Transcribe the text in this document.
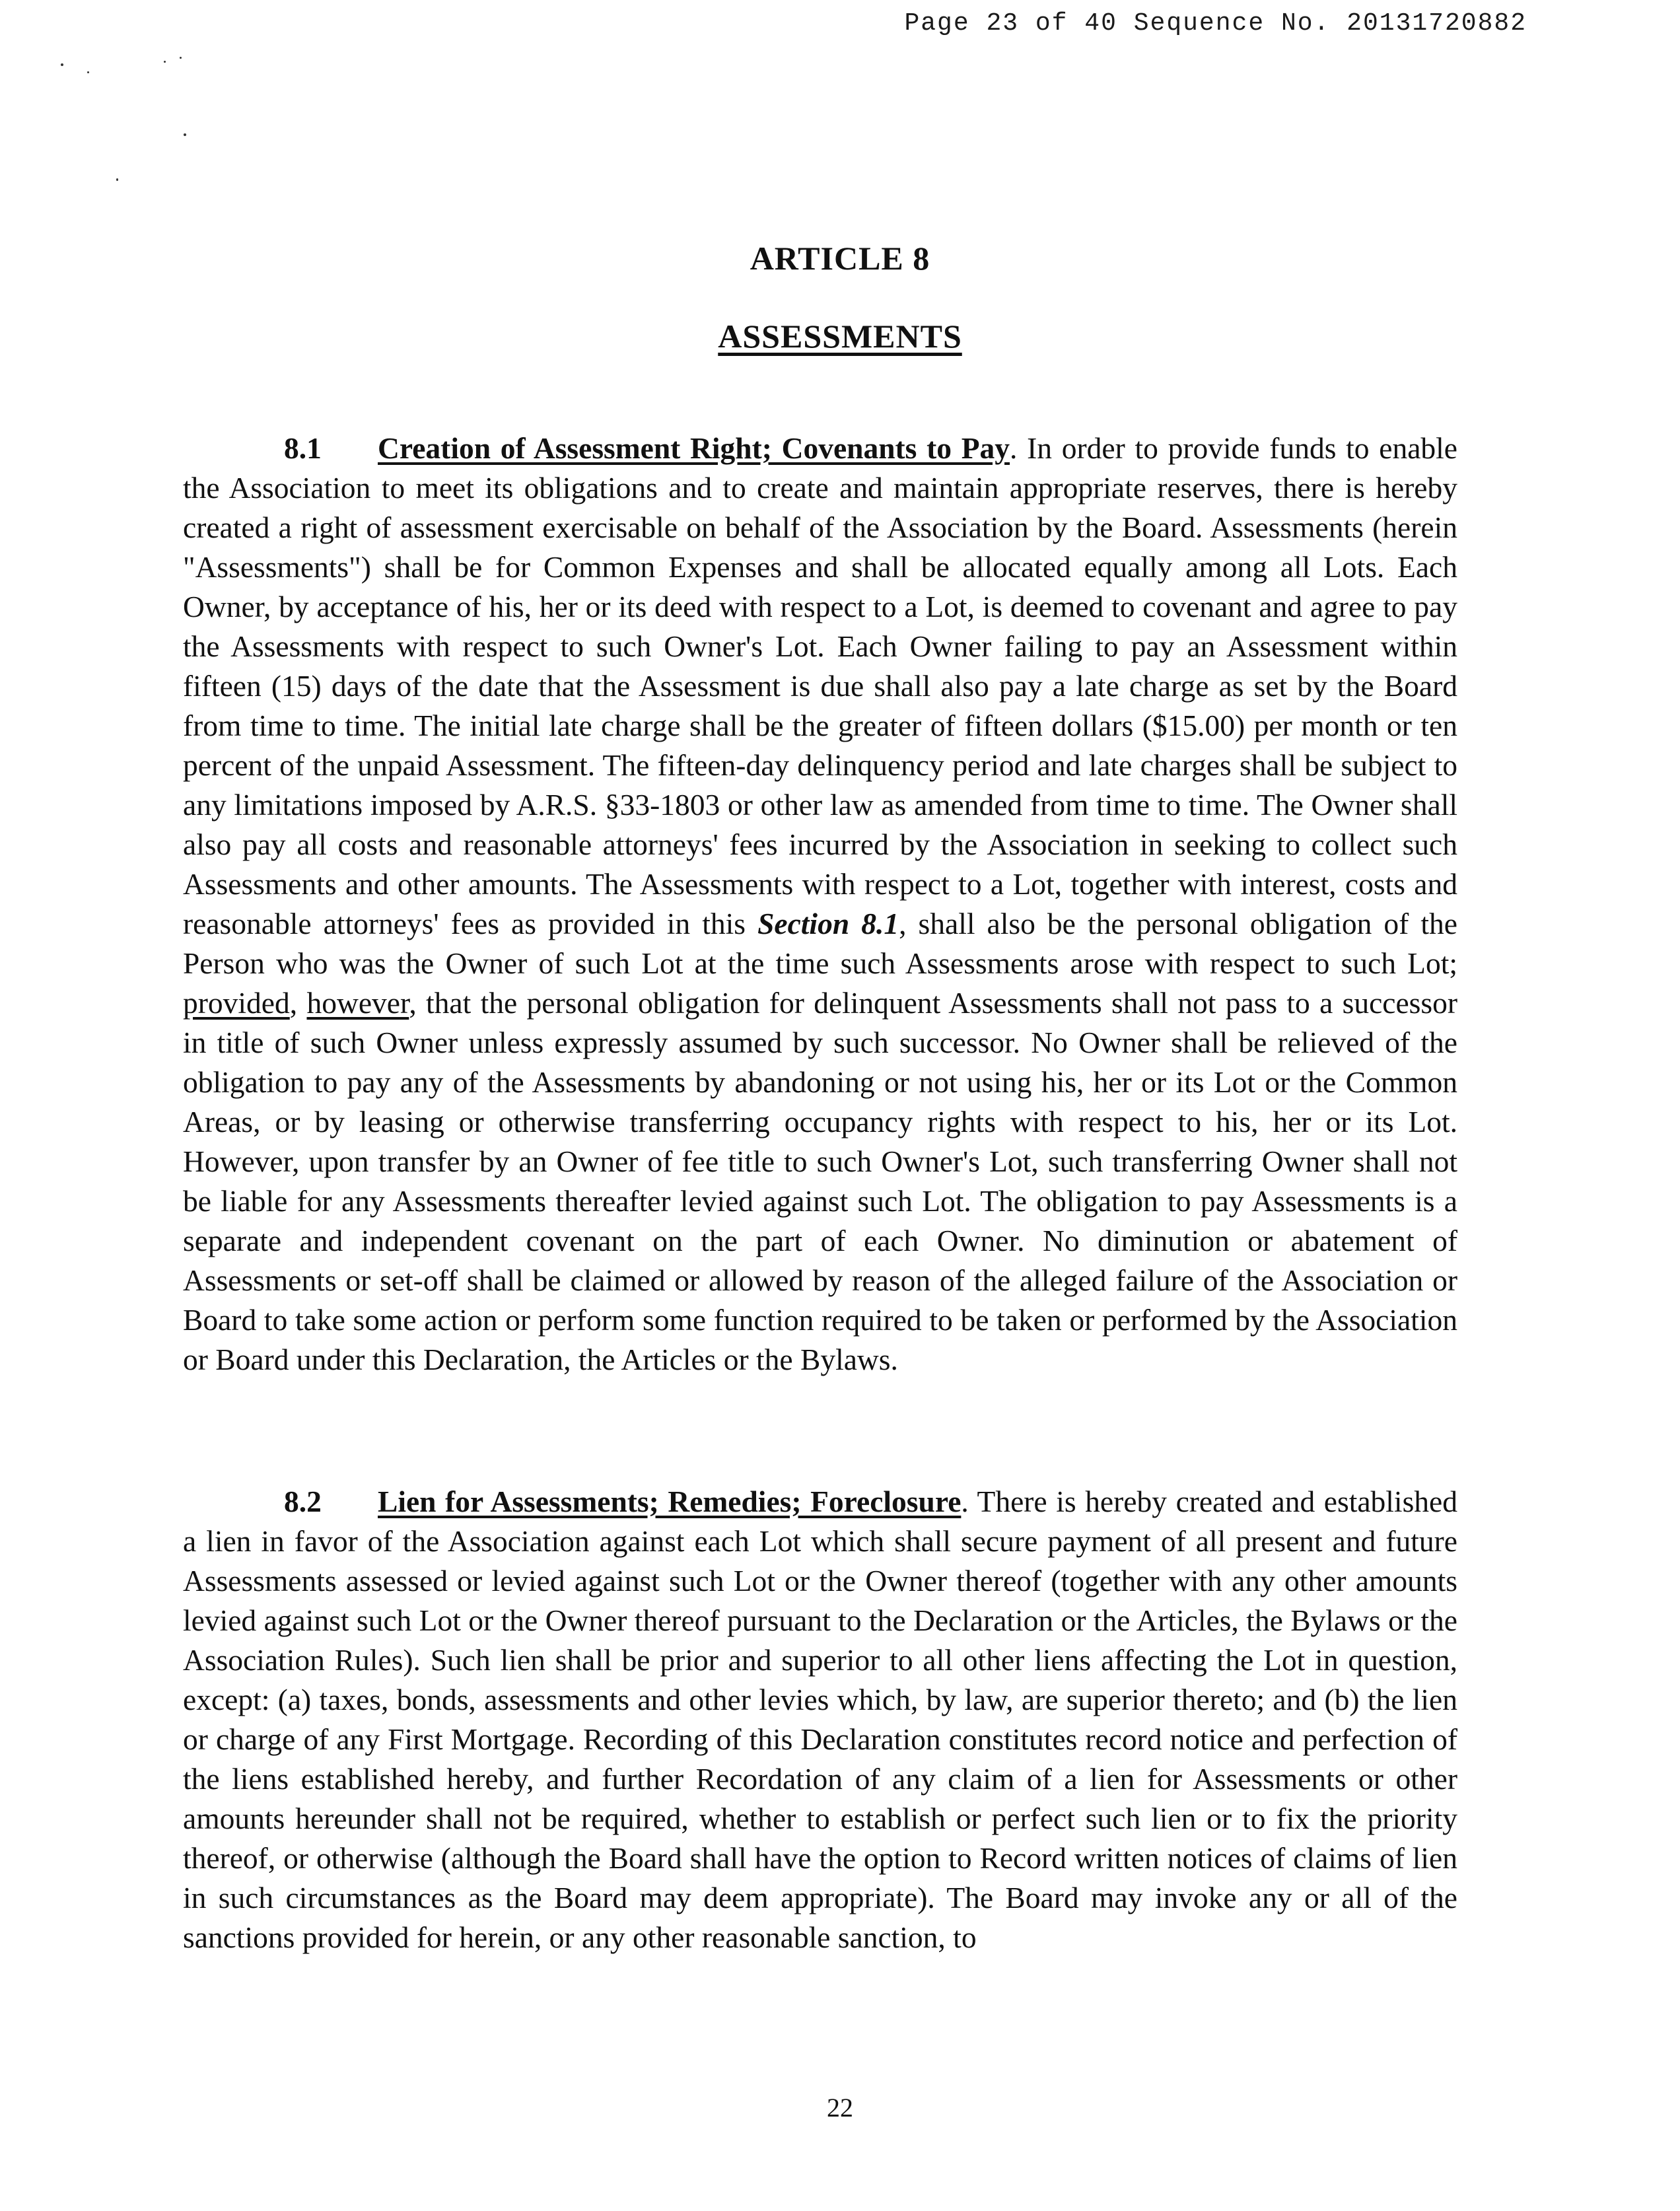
Page 23 of 40 Sequence No. 20131720882
ARTICLE 8
ASSESSMENTS

8.1 Creation of Assessment Right; Covenants to Pay. In order to provide funds to enable the Association to meet its obligations and to create and maintain appropriate reserves, there is hereby created a right of assessment exercisable on behalf of the Association by the Board. Assessments (herein "Assessments") shall be for Common Expenses and shall be allocated equally among all Lots. Each Owner, by acceptance of his, her or its deed with respect to a Lot, is deemed to covenant and agree to pay the Assessments with respect to such Owner's Lot. Each Owner failing to pay an Assessment within fifteen (15) days of the date that the Assessment is due shall also pay a late charge as set by the Board from time to time. The initial late charge shall be the greater of fifteen dollars ($15.00) per month or ten percent of the unpaid Assessment. The fifteen-day delinquency period and late charges shall be subject to any limitations imposed by A.R.S. §33-1803 or other law as amended from time to time. The Owner shall also pay all costs and reasonable attorneys' fees incurred by the Association in seeking to collect such Assessments and other amounts. The Assessments with respect to a Lot, together with interest, costs and reasonable attorneys' fees as provided in this Section 8.1, shall also be the personal obligation of the Person who was the Owner of such Lot at the time such Assessments arose with respect to such Lot; provided, however, that the personal obligation for delinquent Assessments shall not pass to a successor in title of such Owner unless expressly assumed by such successor. No Owner shall be relieved of the obligation to pay any of the Assessments by abandoning or not using his, her or its Lot or the Common Areas, or by leasing or otherwise transferring occupancy rights with respect to his, her or its Lot. However, upon transfer by an Owner of fee title to such Owner's Lot, such transferring Owner shall not be liable for any Assessments thereafter levied against such Lot. The obligation to pay Assessments is a separate and independent covenant on the part of each Owner. No diminution or abatement of Assessments or set-off shall be claimed or allowed by reason of the alleged failure of the Association or Board to take some action or perform some function required to be taken or performed by the Association or Board under this Declaration, the Articles or the Bylaws.

8.2 Lien for Assessments; Remedies; Foreclosure. There is hereby created and established a lien in favor of the Association against each Lot which shall secure payment of all present and future Assessments assessed or levied against such Lot or the Owner thereof (together with any other amounts levied against such Lot or the Owner thereof pursuant to the Declaration or the Articles, the Bylaws or the Association Rules). Such lien shall be prior and superior to all other liens affecting the Lot in question, except: (a) taxes, bonds, assessments and other levies which, by law, are superior thereto; and (b) the lien or charge of any First Mortgage. Recording of this Declaration constitutes record notice and perfection of the liens established hereby, and further Recordation of any claim of a lien for Assessments or other amounts hereunder shall not be required, whether to establish or perfect such lien or to fix the priority thereof, or otherwise (although the Board shall have the option to Record written notices of claims of lien in such circumstances as the Board may deem appropriate). The Board may invoke any or all of the sanctions provided for herein, or any other reasonable sanction, to

22
